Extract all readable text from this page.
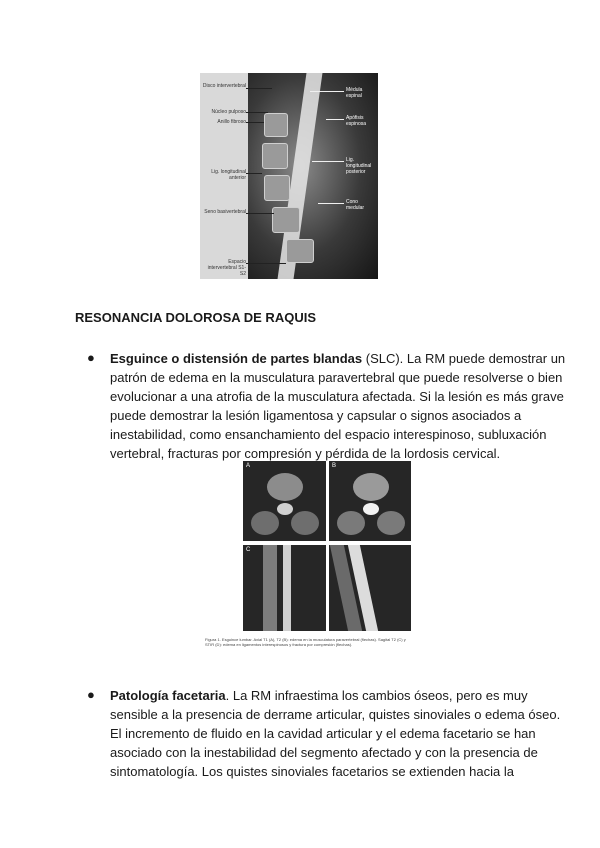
Disco intervertebral
Núcleo pulposo
Anillo fibroso
Lig. longitudinal anterior
Seno basivertebral
Espacio intervertebral S1-S2
Médula espinal
Apófisis espinosa
Lig. longitudinal posterior
Cono medular
RESONANCIA DOLOROSA DE RAQUIS
● Esguince o distensión de partes blandas (SLC). La RM puede demostrar un
patrón de edema en la musculatura paravertebral que puede resolverse o bien
evolucionar a una atrofia de la musculatura afectada. Si la lesión es más grave
puede demostrar la lesión ligamentosa y capsular o signos asociados a
inestabilidad, como ensanchamiento del espacio interespinoso, subluxación
vertebral, fracturas por compresión y pérdida de la lordosis cervical.
A	B
C
Figura 1. Esguince lumbar. Axial T1 (A), T2 (B): edema en la musculatura paravertebral (flechas). Sagital T2 (C) y STIR (D): edema en ligamentos interespinosos y fractura por compresión (flechas).
● Patología facetaria. La RM infraestima los cambios óseos, pero es muy
sensible a la presencia de derrame articular, quistes sinoviales o edema óseo.
El incremento de fluido en la cavidad articular y el edema facetario se han
asociado con la inestabilidad del segmento afectado y con la presencia de
sintomatología. Los quistes sinoviales facetarios se extienden hacia la
